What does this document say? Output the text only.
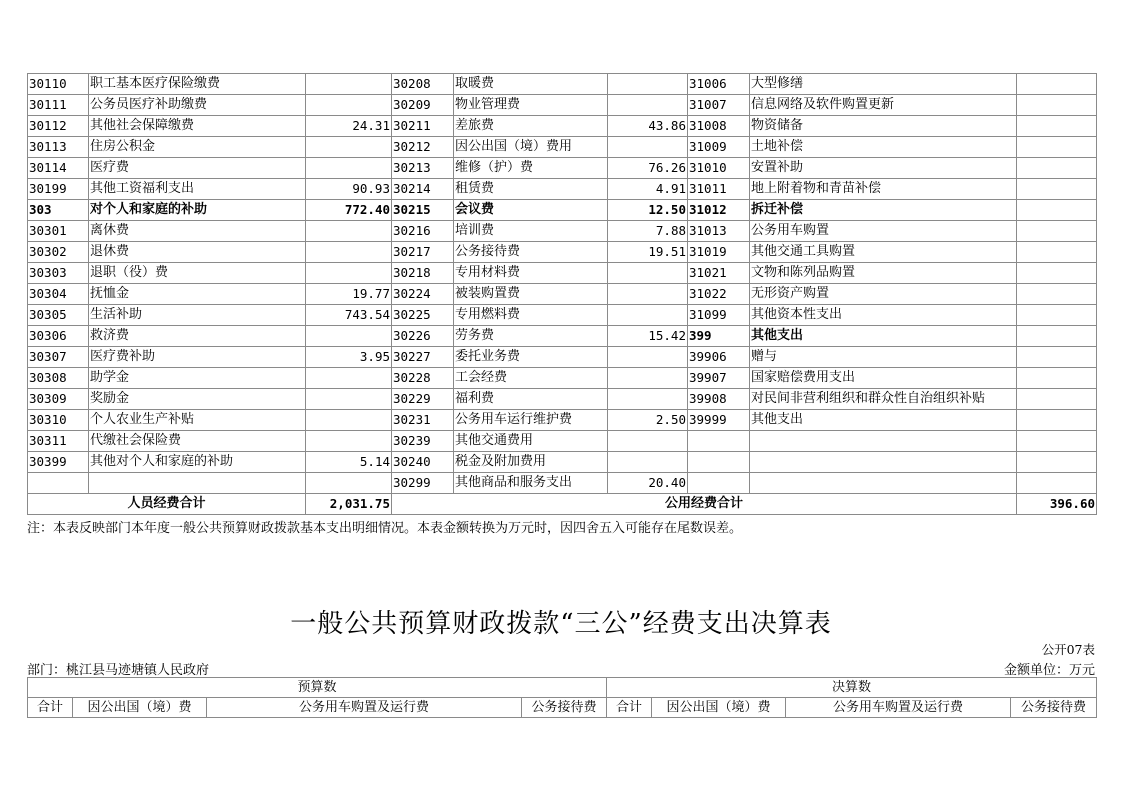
30110	职工基本医疗保险缴费		30208	取暖费		31006	大型修缮	
30111	公务员医疗补助缴费		30209	物业管理费		31007	信息网络及软件购置更新	
30112	其他社会保障缴费	24.31	30211	差旅费	43.86	31008	物资储备	
30113	住房公积金		30212	因公出国（境）费用		31009	土地补偿	
30114	医疗费		30213	维修（护）费	76.26	31010	安置补助	
30199	其他工资福利支出	90.93	30214	租赁费	4.91	31011	地上附着物和青苗补偿	
303	对个人和家庭的补助	772.40	30215	会议费	12.50	31012	拆迁补偿	
30301	离休费		30216	培训费	7.88	31013	公务用车购置	
30302	退休费		30217	公务接待费	19.51	31019	其他交通工具购置	
30303	退职（役）费		30218	专用材料费		31021	文物和陈列品购置	
30304	抚恤金	19.77	30224	被装购置费		31022	无形资产购置	
30305	生活补助	743.54	30225	专用燃料费		31099	其他资本性支出	
30306	救济费		30226	劳务费	15.42	399	其他支出	
30307	医疗费补助	3.95	30227	委托业务费		39906	赠与	
30308	助学金		30228	工会经费		39907	国家赔偿费用支出	
30309	奖励金		30229	福利费		39908	对民间非营利组织和群众性自治组织补贴	
30310	个人农业生产补贴		30231	公务用车运行维护费	2.50	39999	其他支出	
30311	代缴社会保险费		30239	其他交通费用				
30399	其他对个人和家庭的补助	5.14	30240	税金及附加费用				
			30299	其他商品和服务支出	20.40			
人员经费合计		2,031.75	公用经费合计					396.60
注：本表反映部门本年度一般公共预算财政拨款基本支出明细情况。本表金额转换为万元时，因四舍五入可能存在尾数误差。
一般公共预算财政拨款“三公”经费支出决算表
公开07表
部门：桃江县马迹塘镇人民政府	金额单位：万元
预算数				决算数			
合计	因公出国（境）费	公务用车购置及运行费	公务接待费	合计	因公出国（境）费	公务用车购置及运行费	公务接待费
